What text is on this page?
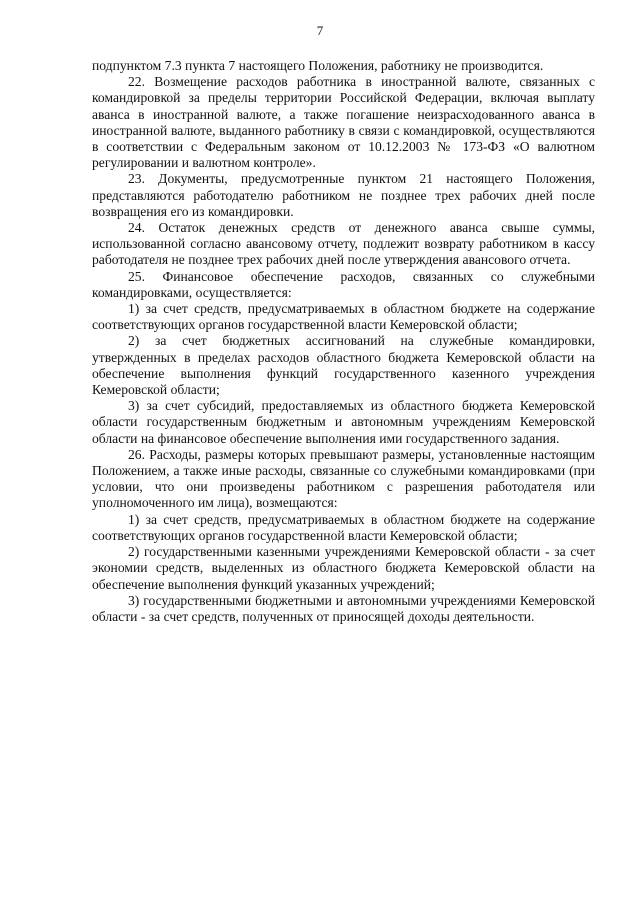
7

подпунктом 7.3 пункта 7 настоящего Положения, работнику не производится.

22. Возмещение расходов работника в иностранной валюте, связанных с командировкой за пределы территории Российской Федерации, включая выплату аванса в иностранной валюте, а также погашение неизрасходованного аванса в иностранной валюте, выданного работнику в связи с командировкой, осуществляются в соответствии с Федеральным законом от 10.12.2003 № 173-ФЗ «О валютном регулировании и валютном контроле».

23. Документы, предусмотренные пунктом 21 настоящего Положения, представляются работодателю работником не позднее трех рабочих дней после возвращения его из командировки.

24. Остаток денежных средств от денежного аванса свыше суммы, использованной согласно авансовому отчету, подлежит возврату работником в кассу работодателя не позднее трех рабочих дней после утверждения авансового отчета.

25. Финансовое обеспечение расходов, связанных со служебными командировками, осуществляется:

1) за счет средств, предусматриваемых в областном бюджете на содержание соответствующих органов государственной власти Кемеровской области;

2) за счет бюджетных ассигнований на служебные командировки, утвержденных в пределах расходов областного бюджета Кемеровской области на обеспечение выполнения функций государственного казенного учреждения Кемеровской области;

3) за счет субсидий, предоставляемых из областного бюджета Кемеровской области государственным бюджетным и автономным учреждениям Кемеровской области на финансовое обеспечение выполнения ими государственного задания.

26. Расходы, размеры которых превышают размеры, установленные настоящим Положением, а также иные расходы, связанные со служебными командировками (при условии, что они произведены работником с разрешения работодателя или уполномоченного им лица), возмещаются:

1) за счет средств, предусматриваемых в областном бюджете на содержание соответствующих органов государственной власти Кемеровской области;

2) государственными казенными учреждениями Кемеровской области - за счет экономии средств, выделенных из областного бюджета Кемеровской области на обеспечение выполнения функций указанных учреждений;

3) государственными бюджетными и автономными учреждениями Кемеровской области - за счет средств, полученных от приносящей доходы деятельности.
